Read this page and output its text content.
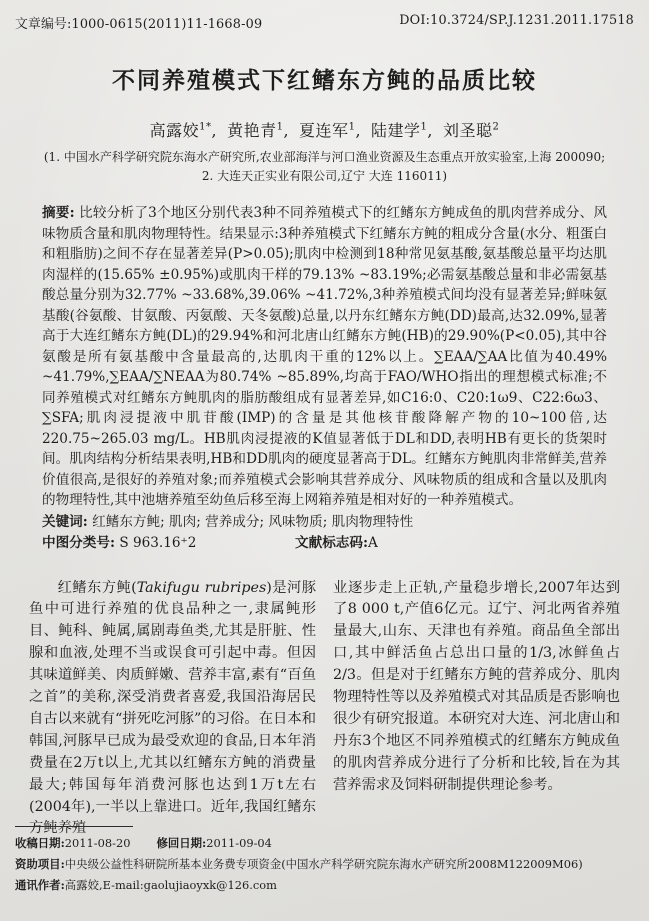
文章编号:1000-0615(2011)11-1668-09	DOI:10.3724/SP.J.1231.2011.17518
不同养殖模式下红鳍东方鲀的品质比较
高露姣$^{1*}$, 黄艳青$^1$, 夏连军$^1$, 陆建学$^1$, 刘圣聪$^2$
(1. 中国水产科学研究院东海水产研究所,农业部海洋与河口渔业资源及生态重点开放实验室,上海 200090;
2. 大连天正实业有限公司,辽宁 大连 116011)
摘要: 比较分析了3个地区分别代表3种不同养殖模式下的红鳍东方鲀成鱼的肌肉营养成分、风味物质含量和肌肉物理特性。结果显示:3种养殖模式下红鳍东方鲀的粗成分含量(水分、粗蛋白和粗脂肪)之间不存在显著差异(P>0.05);肌肉中检测到18种常见氨基酸,氨基酸总量平均达肌肉湿样的(15.65% ±0.95%)或肌肉干样的79.13% ~83.19%;必需氨基酸总量和非必需氨基酸总量分别为32.77% ~33.68%,39.06% ~41.72%,3种养殖模式间均没有显著差异;鲜味氨基酸(谷氨酸、甘氨酸、丙氨酸、天冬氨酸)总量,以丹东红鳍东方鲀(DD)最高,达32.09%,显著高于大连红鳍东方鲀(DL)的29.94%和河北唐山红鳍东方鲀(HB)的29.90%(P<0.05),其中谷氨酸是所有氨基酸中含量最高的,达肌肉干重的12%以上。∑EAA/∑AA比值为40.49% ~41.79%,∑EAA/∑NEAA为80.74% ~85.89%,均高于FAO/WHO指出的理想模式标准;不同养殖模式对红鳍东方鲀肌肉的脂肪酸组成有显著差异,如C16:0、C20:1ω9、C22:6ω3、∑SFA;肌肉浸提液中肌苷酸(IMP)的含量是其他核苷酸降解产物的10~100倍,达220.75~265.03 mg/L。HB肌肉浸提液的K值显著低于DL和DD,表明HB有更长的货架时间。肌肉结构分析结果表明,HB和DD肌肉的硬度显著高于DL。红鳍东方鲀肌肉非常鲜美,营养价值很高,是很好的养殖对象;而养殖模式会影响其营养成分、风味物质的组成和含量以及肌肉的物理特性,其中池塘养殖至幼鱼后移至海上网箱养殖是相对好的一种养殖模式。
关键词: 红鳍东方鲀; 肌肉; 营养成分; 风味物质; 肌肉物理特性
中图分类号: S 963.16⁺2	文献标志码:A

红鳍东方鲀(Takifugu rubripes)是河豚鱼中可进行养殖的优良品种之一,隶属鲀形目、鲀科、鲀属,属剧毒鱼类,尤其是肝脏、性腺和血液,处理不当或误食可引起中毒。但因其味道鲜美、肉质鲜嫩、营养丰富,素有“百鱼之首”的美称,深受消费者喜爱,我国沿海居民自古以来就有“拼死吃河豚”的习俗。在日本和韩国,河豚早已成为最受欢迎的食品,日本年消费量在2万t以上,尤其以红鳍东方鲀的消费量最大;韩国每年消费河豚也达到1万t左右(2004年),一半以上靠进口。近年,我国红鳍东方鲀养殖

业逐步走上正轨,产量稳步增长,2007年达到了8 000 t,产值6亿元。辽宁、河北两省养殖量最大,山东、天津也有养殖。商品鱼全部出口,其中鲜活鱼占总出口量的1/3,冰鲜鱼占2/3。但是对于红鳍东方鲀的营养成分、肌肉物理特性等以及养殖模式对其品质是否影响也很少有研究报道。本研究对大连、河北唐山和丹东3个地区不同养殖模式的红鳍东方鲀成鱼的肌肉营养成分进行了分析和比较,旨在为其营养需求及饲料研制提供理论参考。

收稿日期:2011-08-20 修回日期:2011-09-04
资助项目:中央级公益性科研院所基本业务费专项资金(中国水产科学研究院东海水产研究所2008M122009M06)
通讯作者:高露姣,E-mail:gaolujiaoyxk@126.com
